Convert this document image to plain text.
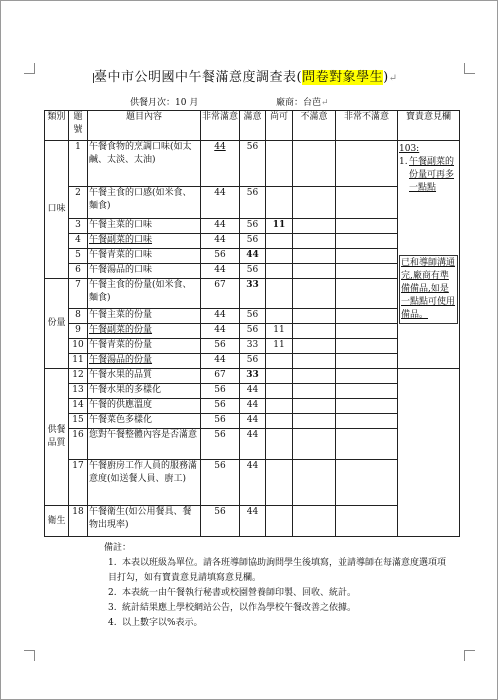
臺中市公明國中午餐滿意度調查表(問卷對象學生)↵
供餐月次：10 月	廠商：台芭↵
類別	題號	題目內容	非常滿意	滿意	尚可	不滿意	非常不滿意	寶貴意見欄
口味	1	午餐食物的烹調口味(如太鹹、太淡、太油)	44	56				103:
1. 午餐副菜的份量可再多一點點
已和導師溝通完,廠商有準備備品,如是一點點可使用備品。

	2	午餐主食的口感(如米食、麵食)	44	56				
	3	午餐主菜的口味	44	56	11			
	4	午餐副菜的口味	44	56				
	5	午餐青菜的口味	56	44				
	6	午餐湯品的口味	44	56				
份量	7	午餐主食的份量(如米食、麵食)	67	33				
	8	午餐主菜的份量	44	56				
	9	午餐副菜的份量	44	56	11			
	10	午餐青菜的份量	56	33	11			
	11	午餐湯品的份量	44	56				
供餐品質	12	午餐水果的品質	67	33				
	13	午餐水果的多樣化	56	44				
	14	午餐的供應溫度	56	44				
	15	午餐菜色多樣化	56	44				
	16	您對午餐整體內容是否滿意	56	44				
	17	午餐廚房工作人員的服務滿意度(如送餐人員、廚工)	56	44				
衛生	18	午餐衛生(如公用餐具、餐物出現率)	56	44				
備註：
1. 本表以班級為單位。請各班導師協助詢問學生後填寫，並請導師在每滿意度選項項目打勾，如有寶貴意見請填寫意見欄。
2. 本表統一由午餐執行秘書或校園營養師印製、回收、統計。
3. 統計結果應上學校網站公告，以作為學校午餐改善之依據。
4. 以上數字以%表示。
